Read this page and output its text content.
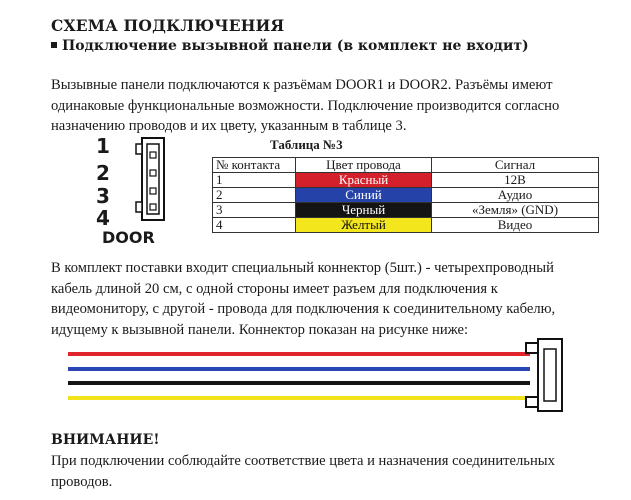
СХЕМА ПОДКЛЮЧЕНИЯ
Подключение вызывной панели (в комплект не входит)
Вызывные панели подключаются к разъёмам DOOR1 и DOOR2. Разъёмы имеют одинаковые функциональные возможности. Подключение производится согласно назначению проводов и их цвету, указанным в таблице 3.
1
2
3
4
DOOR
Таблица №3
№ контакта	Цвет провода	Сигнал
1	Красный	12В
2	Синий	Аудио
3	Черный	«Земля» (GND)
4	Желтый	Видео
В комплект поставки входит специальный коннектор (5шт.) - четырехпроводный кабель длиной 20 см, с одной стороны имеет разъем для подключения к видеомонитору, с другой - провода для подключения к соединительному кабелю, идущему к вызывной панели. Коннектор показан на рисунке ниже:
ВНИМАНИЕ!
При подключении соблюдайте соответствие цвета и назначения соединительных проводов.
